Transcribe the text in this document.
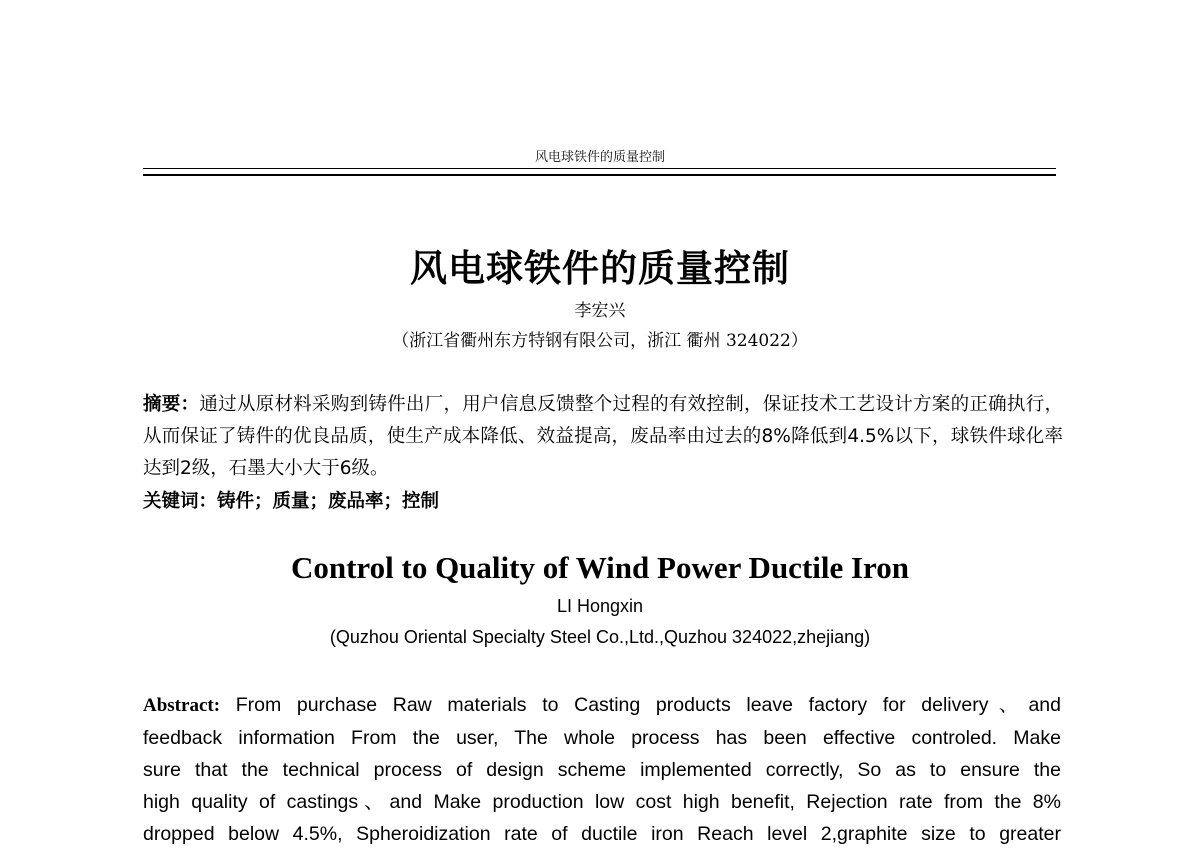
风电球铁件的质量控制
风电球铁件的质量控制
李宏兴
（浙江省衢州东方特钢有限公司，浙江 衢州 324022）
摘要：通过从原材料采购到铸件出厂，用户信息反馈整个过程的有效控制，保证技术工艺设计方案的正确执行，从而保证了铸件的优良品质，使生产成本降低、效益提高，废品率由过去的8%降低到4.5%以下，球铁件球化率达到2级，石墨大小大于6级。
关键词：铸件；质量；废品率；控制
Control to Quality of Wind Power Ductile Iron
LI Hongxin
(Quzhou Oriental Specialty Steel Co.,Ltd.,Quzhou 324022,zhejiang)
Abstract: From purchase Raw materials to Casting products leave factory for delivery、and
feedback information From the user, The whole process has been effective controled. Make
sure that the technical process of design scheme implemented correctly, So as to ensure the
high quality of castings、and Make production low cost high benefit, Rejection rate from the 8%
dropped below 4.5%, Spheroidization rate of ductile iron Reach level 2,graphite size to greater
